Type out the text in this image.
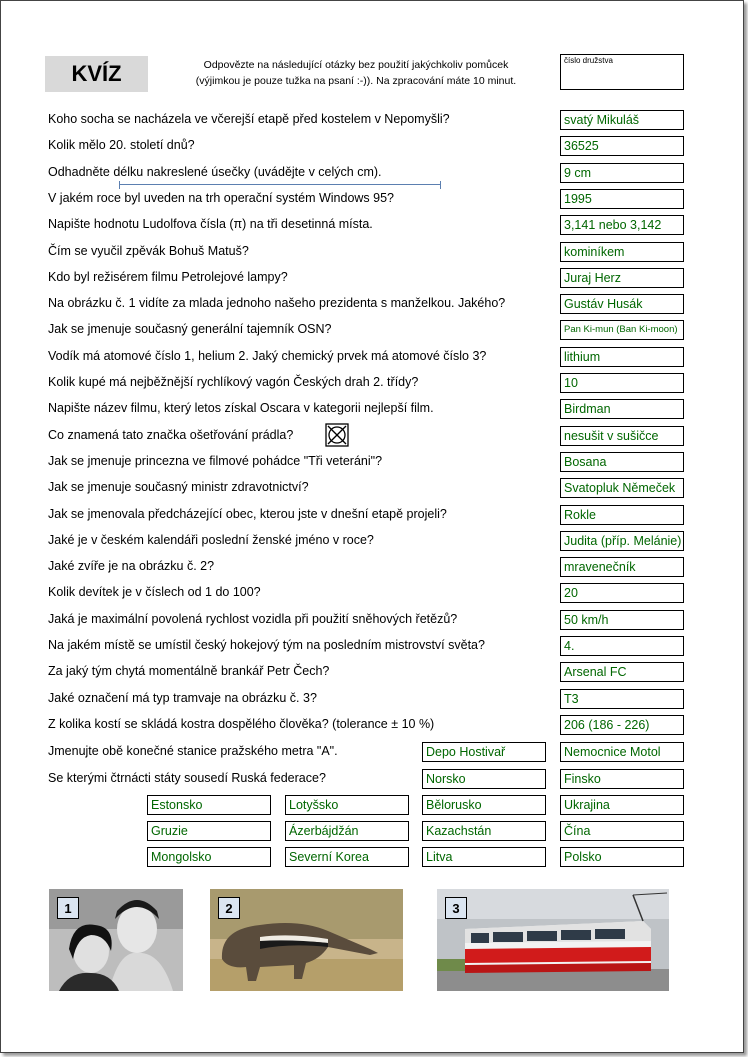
KVÍZ	Odpovězte na následující otázky bez použití jakýchkoliv pomůcek
(výjimkou je pouze tužka na psaní :-)). Na zpracování máte 10 minut.
číslo družstva
Koho socha se nacházela ve včerejší etapě před kostelem v Nepomyšli?	svatý Mikuláš
Kolik mělo 20. století dnů?	36525
Odhadněte délku nakreslené úsečky (uvádějte v celých cm).	9 cm
V jakém roce byl uveden na trh operační systém Windows 95?	1995
Napište hodnotu Ludolfova čísla (π) na tři desetinná místa.	3,141 nebo 3,142
Čím se vyučil zpěvák Bohuš Matuš?	kominíkem
Kdo byl režisérem filmu Petrolejové lampy?	Juraj Herz
Na obrázku č. 1 vidíte za mlada jednoho našeho prezidenta s manželkou. Jakého?	Gustáv Husák
Jak se jmenuje současný generální tajemník OSN?	Pan Ki-mun (Ban Ki-moon)
Vodík má atomové číslo 1, helium 2. Jaký chemický prvek má atomové číslo 3?	lithium
Kolik kupé má nejběžnější rychlíkový vagón Českých drah 2. třídy?	10
Napište název filmu, který letos získal Oscara v kategorii nejlepší film.	Birdman
Co znamená tato značka ošetřování prádla?	nesušit v sušičce
Jak se jmenuje princezna ve filmové pohádce "Tři veteráni"?	Bosana
Jak se jmenuje současný ministr zdravotnictví?	Svatopluk Němeček
Jak se jmenovala předcházející obec, kterou jste v dnešní etapě projeli?	Rokle
Jaké je v českém kalendáři poslední ženské jméno v roce?	Judita (příp. Melánie)
Jaké zvíře je na obrázku č. 2?	mravenečník
Kolik devítek je v číslech od 1 do 100?	20
Jaká je maximální povolená rychlost vozidla při použití sněhových řetězů?	50 km/h
Na jakém místě se umístil český hokejový tým na posledním mistrovství světa?	4.
Za jaký tým chytá momentálně brankář Petr Čech?	Arsenal FC
Jaké označení má typ tramvaje na obrázku č. 3?	T3
Z kolika kostí se skládá kostra dospělého člověka? (tolerance ± 10 %)	206 (186 - 226)
Jmenujte obě konečné stanice pražského metra "A".	Depo Hostivař	Nemocnice Motol
Se kterými čtrnácti státy sousedí Ruská federace?	Norsko	Finsko
Estonsko	Lotyšsko	Bělorusko	Ukrajina
Gruzie	Ázerbájdžán	Kazachstán	Čína
Mongolsko	Severní Korea	Litva	Polsko
1	2	3
